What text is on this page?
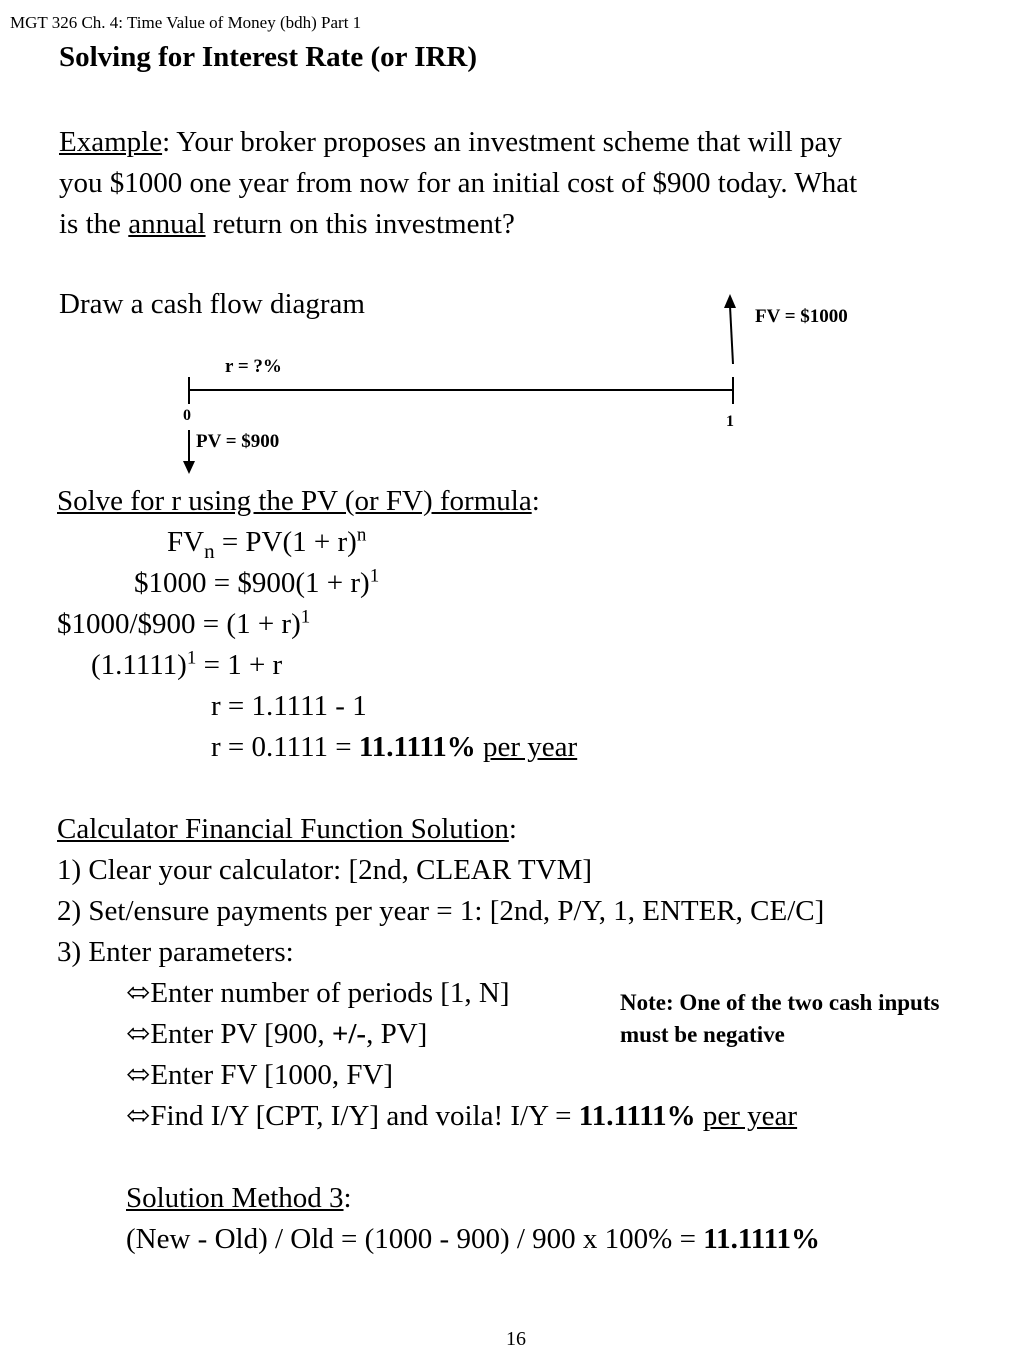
MGT 326 Ch. 4: Time Value of Money (bdh) Part 1
Solving for Interest Rate (or IRR)
Example: Your broker proposes an investment scheme that will pay
you $1000 one year from now for an initial cost of $900 today. What
is the annual return on this investment?
Draw a cash flow diagram	FV = $1000
r = ?%
0	1
PV = $900
Solve for r using the PV (or FV) formula:
$FV_n = PV(1 + r)^n$
$1000 = $900(1 + r)$^1$
$1000/$900 = $(1 + r)^1$
$(1.1111)^1 = 1 + r$
r = 1.1111 - 1
r = 0.1111 = 11.1111% per year
Calculator Financial Function Solution:
1) Clear your calculator: [2nd, CLEAR TVM]
2) Set/ensure payments per year = 1: [2nd, P/Y, 1, ENTER, CE/C]
3) Enter parameters:
⬄Enter number of periods [1, N]
⬄Enter PV [900, +/-, PV]
⬄Enter FV [1000, FV]
⬄Find I/Y [CPT, I/Y] and voila! I/Y = 11.1111% per year
Note: One of the two cash inputs
must be negative
Solution Method 3:
(New - Old) / Old = (1000 - 900) / 900 x 100% = 11.1111%
16
